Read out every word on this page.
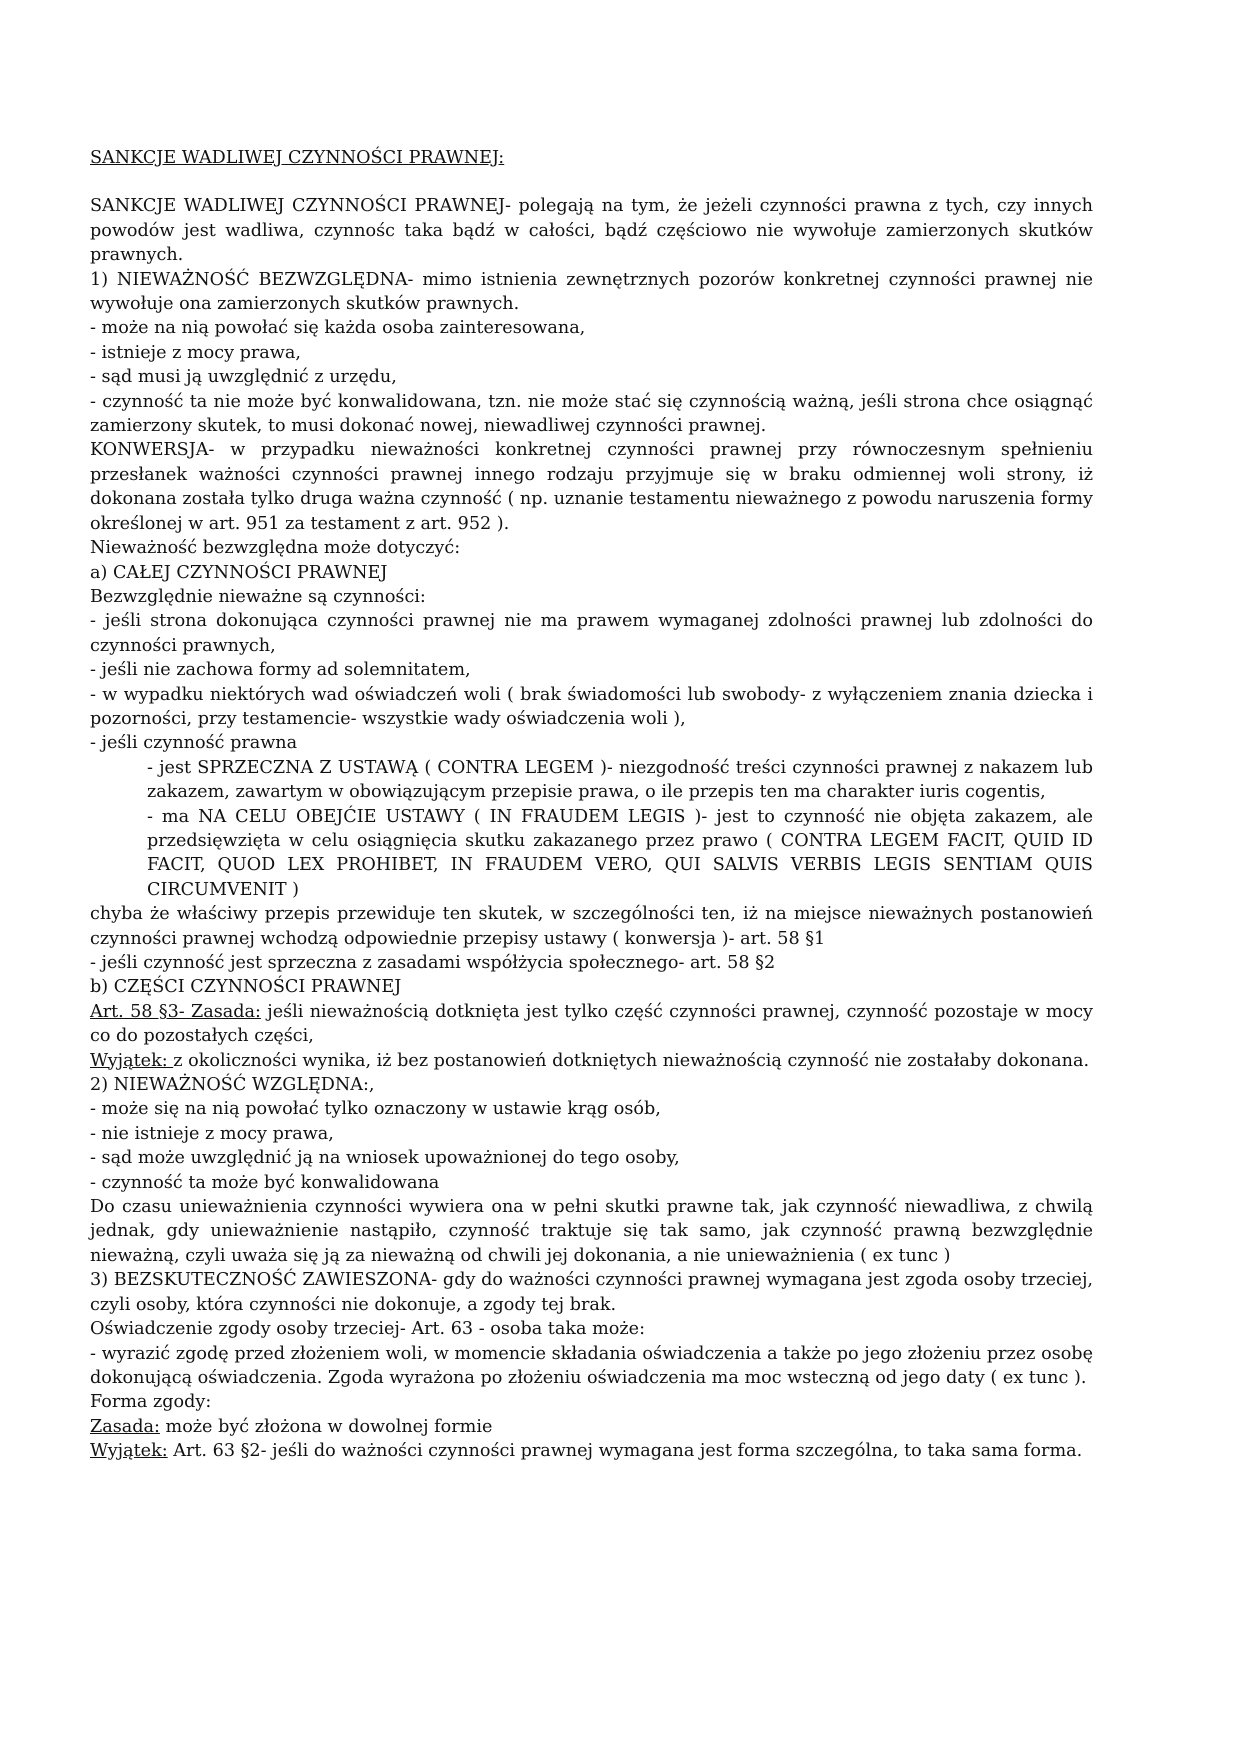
SANKCJE WADLIWEJ CZYNNOŚCI PRAWNEJ:

SANKCJE WADLIWEJ CZYNNOŚCI PRAWNEJ- polegają na tym, że jeżeli czynności prawna z tych, czy innych powodów jest wadliwa, czynnośc taka bądź w całości, bądź częściowo nie wywołuje zamierzonych skutków prawnych.

1) NIEWAŻNOŚĆ BEZWZGLĘDNA- mimo istnienia zewnętrznych pozorów konkretnej czynności prawnej nie wywołuje ona zamierzonych skutków prawnych.

- może na nią powołać się każda osoba zainteresowana,

- istnieje z mocy prawa,

- sąd musi ją uwzględnić z urzędu,

- czynność ta nie może być konwalidowana, tzn. nie może stać się czynnością ważną, jeśli strona chce osiągnąć zamierzony skutek, to musi dokonać nowej, niewadliwej czynności prawnej.

KONWERSJA- w przypadku nieważności konkretnej czynności prawnej przy równoczesnym spełnieniu przesłanek ważności czynności prawnej innego rodzaju przyjmuje się w braku odmiennej woli strony, iż dokonana została tylko druga ważna czynność ( np. uznanie testamentu nieważnego z powodu naruszenia formy określonej w art. 951 za testament z art. 952 ).

Nieważność bezwzględna może dotyczyć:

a) CAŁEJ CZYNNOŚCI PRAWNEJ

Bezwzględnie nieważne są czynności:

- jeśli strona dokonująca czynności prawnej nie ma prawem wymaganej zdolności prawnej lub zdolności do czynności prawnych,

- jeśli nie zachowa formy ad solemnitatem,

- w wypadku niektórych wad oświadczeń woli ( brak świadomości lub swobody- z wyłączeniem znania dziecka i pozorności, przy testamencie- wszystkie wady oświadczenia woli ),

- jeśli czynność prawna

- jest SPRZECZNA Z USTAWĄ ( CONTRA LEGEM )- niezgodność treści czynności prawnej z nakazem lub zakazem, zawartym w obowiązującym przepisie prawa, o ile przepis ten ma charakter iuris cogentis,

- ma NA CELU OBEJĆIE USTAWY ( IN FRAUDEM LEGIS )- jest to czynność nie objęta zakazem, ale przedsięwzięta w celu osiągnięcia skutku zakazanego przez prawo ( CONTRA LEGEM FACIT, QUID ID FACIT, QUOD LEX PROHIBET, IN FRAUDEM VERO, QUI SALVIS VERBIS LEGIS SENTIAM QUIS CIRCUMVENIT )

chyba że właściwy przepis przewiduje ten skutek, w szczególności ten, iż na miejsce nieważnych postanowień czynności prawnej wchodzą odpowiednie przepisy ustawy ( konwersja )- art. 58 §1

- jeśli czynność jest sprzeczna z zasadami współżycia społecznego- art. 58 §2

b) CZĘŚCI CZYNNOŚCI PRAWNEJ

Art. 58 §3- Zasada: jeśli nieważnością dotknięta jest tylko część czynności prawnej, czynność pozostaje w mocy co do pozostałych części,

Wyjątek: z okoliczności wynika, iż bez postanowień dotkniętych nieważnością czynność nie zostałaby dokonana.

2) NIEWAŻNOŚĆ WZGLĘDNA:,

- może się na nią powołać tylko oznaczony w ustawie krąg osób,

- nie istnieje z mocy prawa,

- sąd może uwzględnić ją na wniosek upoważnionej do tego osoby,

- czynność ta może być konwalidowana

Do czasu unieważnienia czynności wywiera ona w pełni skutki prawne tak, jak czynność niewadliwa, z chwilą jednak, gdy unieważnienie nastąpiło, czynność traktuje się tak samo, jak czynność prawną bezwzględnie nieważną, czyli uważa się ją za nieważną od chwili jej dokonania, a nie unieważnienia ( ex tunc )

3) BEZSKUTECZNOŚĆ ZAWIESZONA- gdy do ważności czynności prawnej wymagana jest zgoda osoby trzeciej, czyli osoby, która czynności nie dokonuje, a zgody tej brak.

Oświadczenie zgody osoby trzeciej- Art. 63 - osoba taka może:

- wyrazić zgodę przed złożeniem woli, w momencie składania oświadczenia a także po jego złożeniu przez osobę dokonującą oświadczenia. Zgoda wyrażona po złożeniu oświadczenia ma moc wsteczną od jego daty ( ex tunc ).

Forma zgody:

Zasada: może być złożona w dowolnej formie

Wyjątek: Art. 63 §2- jeśli do ważności czynności prawnej wymagana jest forma szczególna, to taka sama forma.
